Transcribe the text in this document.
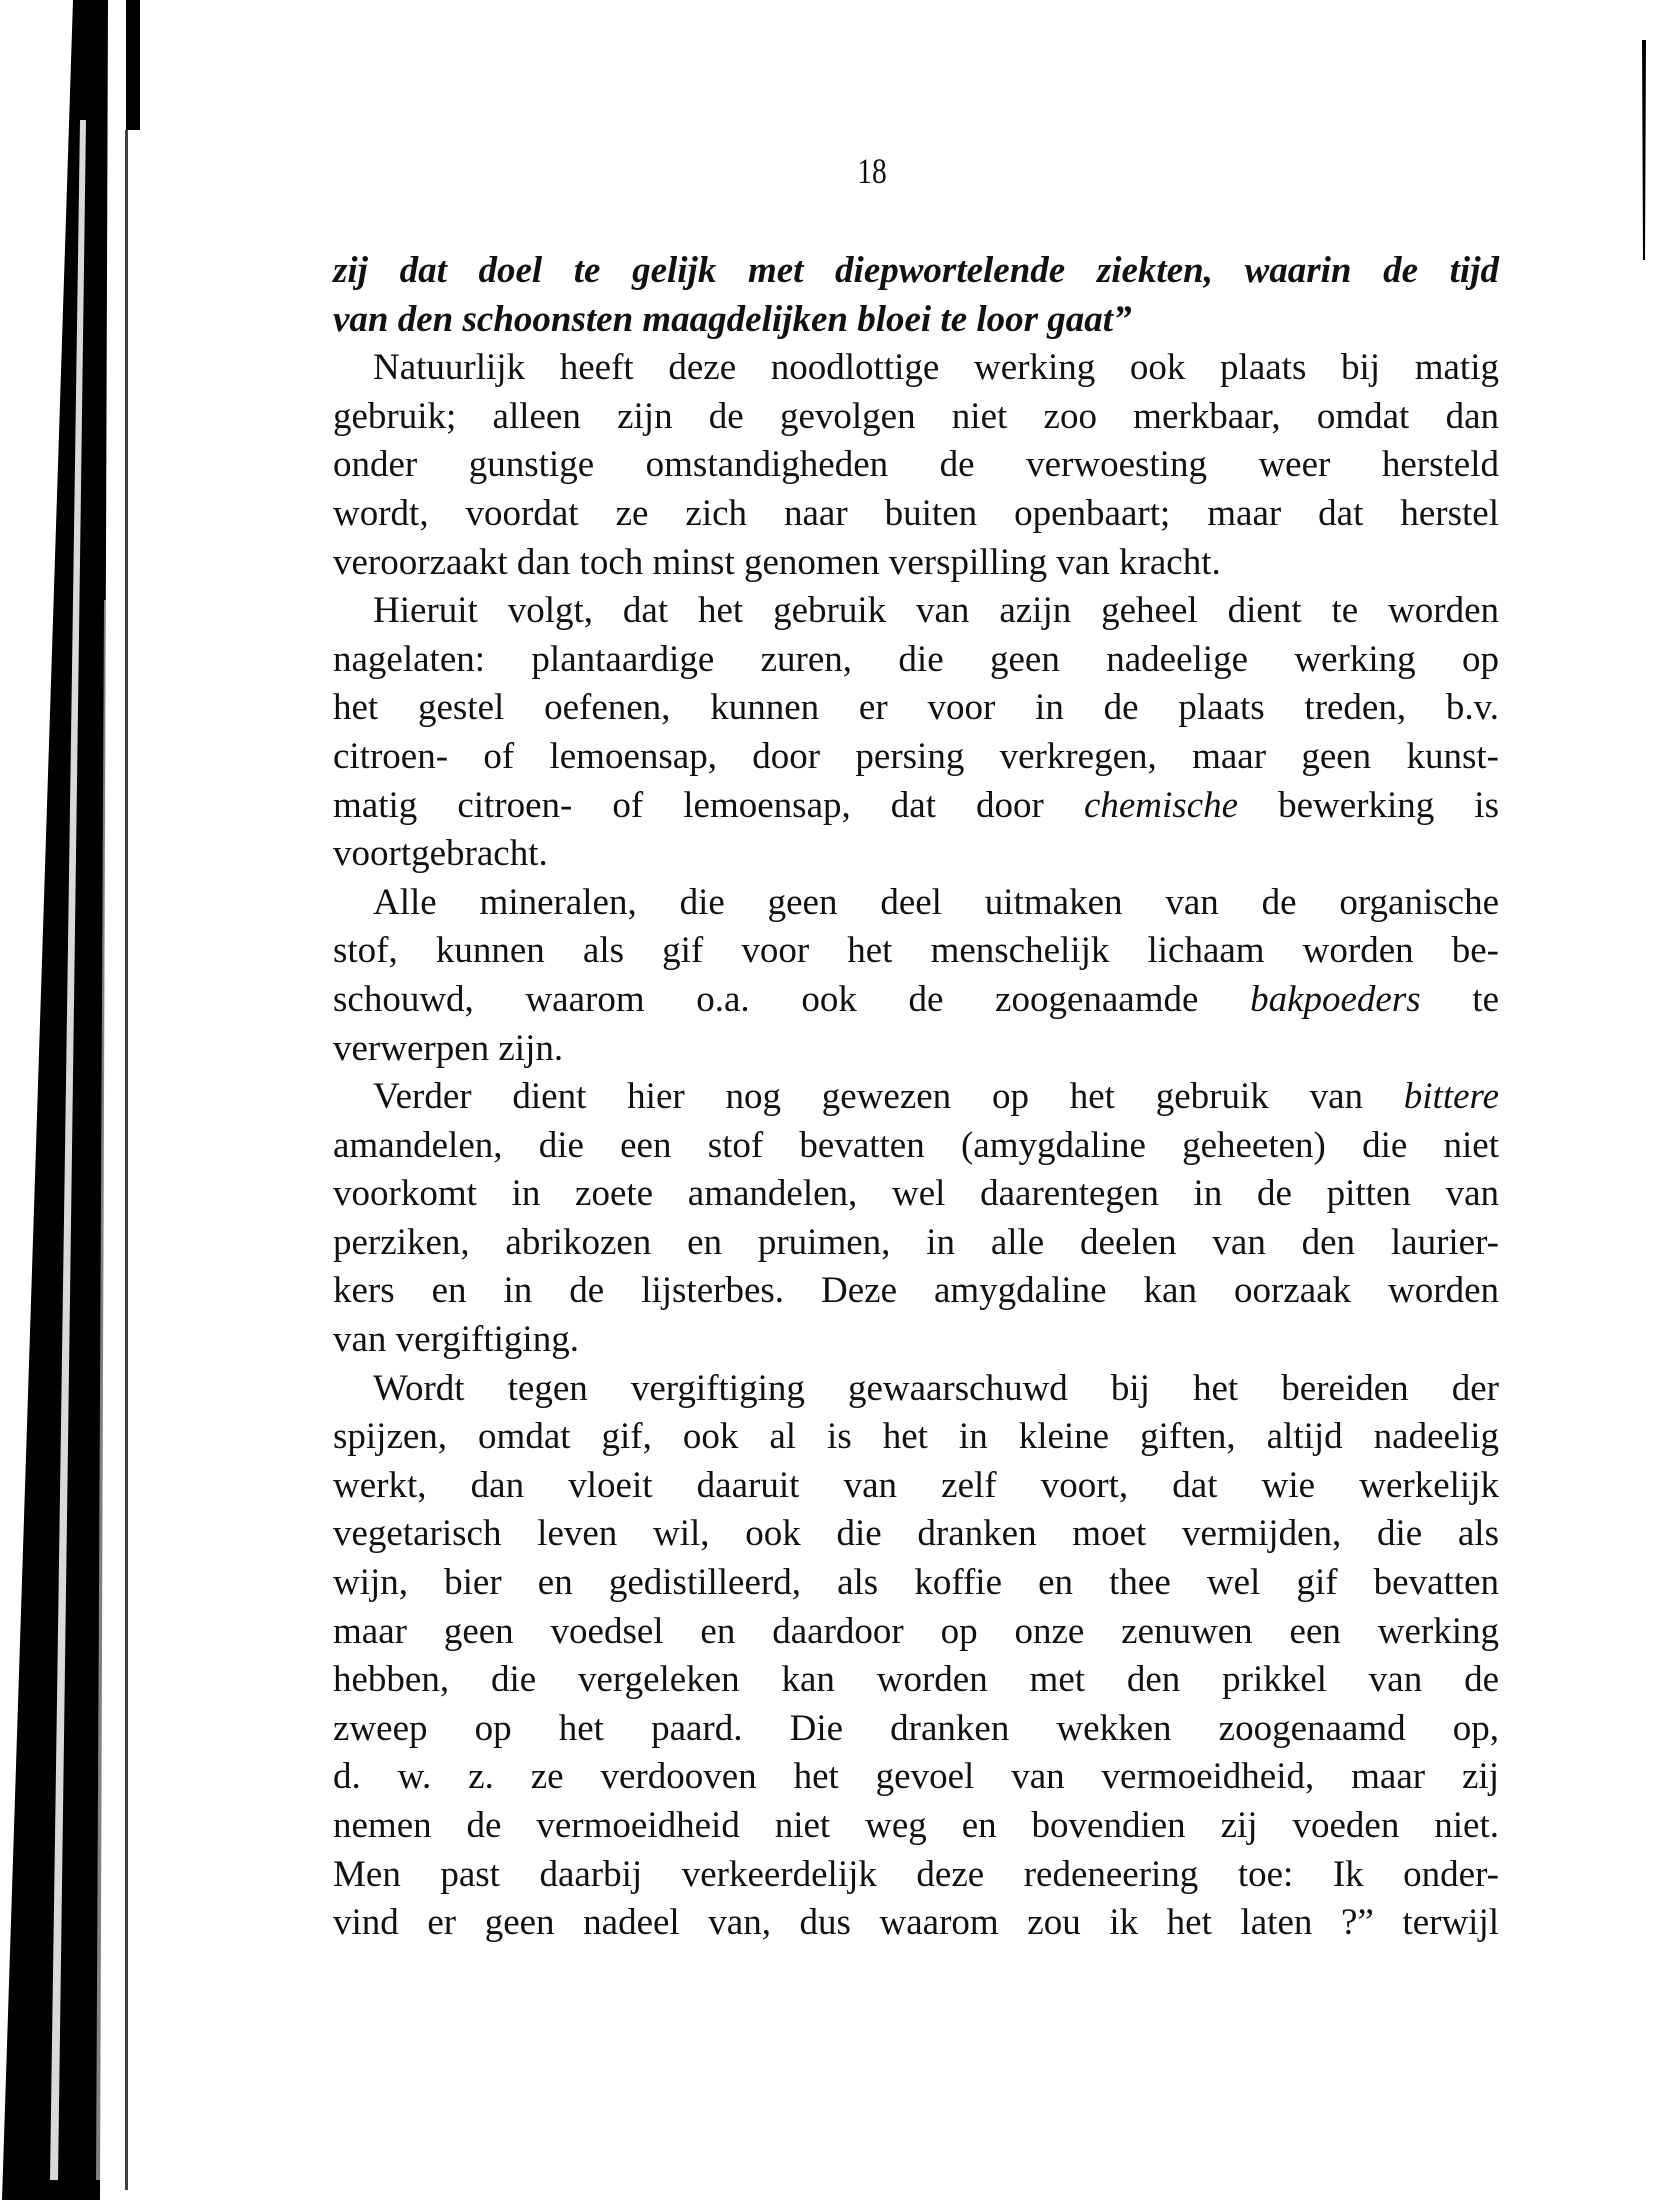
18
zij dat doel te gelijk met diepwortelende ziekten, waarin de tijd
van den schoonsten maagdelijken bloei te loor gaat”
Natuurlijk heeft deze noodlottige werking ook plaats bij matig
gebruik; alleen zijn de gevolgen niet zoo merkbaar, omdat dan
onder gunstige omstandigheden de verwoesting weer hersteld
wordt, voordat ze zich naar buiten openbaart; maar dat herstel
veroorzaakt dan toch minst genomen verspilling van kracht.
Hieruit volgt, dat het gebruik van azijn geheel dient te worden
nagelaten: plantaardige zuren, die geen nadeelige werking op
het gestel oefenen, kunnen er voor in de plaats treden, b.v.
citroen- of lemoensap, door persing verkregen, maar geen kunst-
matig citroen- of lemoensap, dat door chemische bewerking is
voortgebracht.
Alle mineralen, die geen deel uitmaken van de organische
stof, kunnen als gif voor het menschelijk lichaam worden be-
schouwd, waarom o.a. ook de zoogenaamde bakpoeders te
verwerpen zijn.
Verder dient hier nog gewezen op het gebruik van bittere
amandelen, die een stof bevatten (amygdaline geheeten) die niet
voorkomt in zoete amandelen, wel daarentegen in de pitten van
perziken, abrikozen en pruimen, in alle deelen van den laurier-
kers en in de lijsterbes. Deze amygdaline kan oorzaak worden
van vergiftiging.
Wordt tegen vergiftiging gewaarschuwd bij het bereiden der
spijzen, omdat gif, ook al is het in kleine giften, altijd nadeelig
werkt, dan vloeit daaruit van zelf voort, dat wie werkelijk
vegetarisch leven wil, ook die dranken moet vermijden, die als
wijn, bier en gedistilleerd, als koffie en thee wel gif bevatten
maar geen voedsel en daardoor op onze zenuwen een werking
hebben, die vergeleken kan worden met den prikkel van de
zweep op het paard. Die dranken wekken zoogenaamd op,
d. w. z. ze verdooven het gevoel van vermoeidheid, maar zij
nemen de vermoeidheid niet weg en bovendien zij voeden niet.
Men past daarbij verkeerdelijk deze redeneering toe: Ik onder-
vind er geen nadeel van, dus waarom zou ik het laten ?” terwijl
